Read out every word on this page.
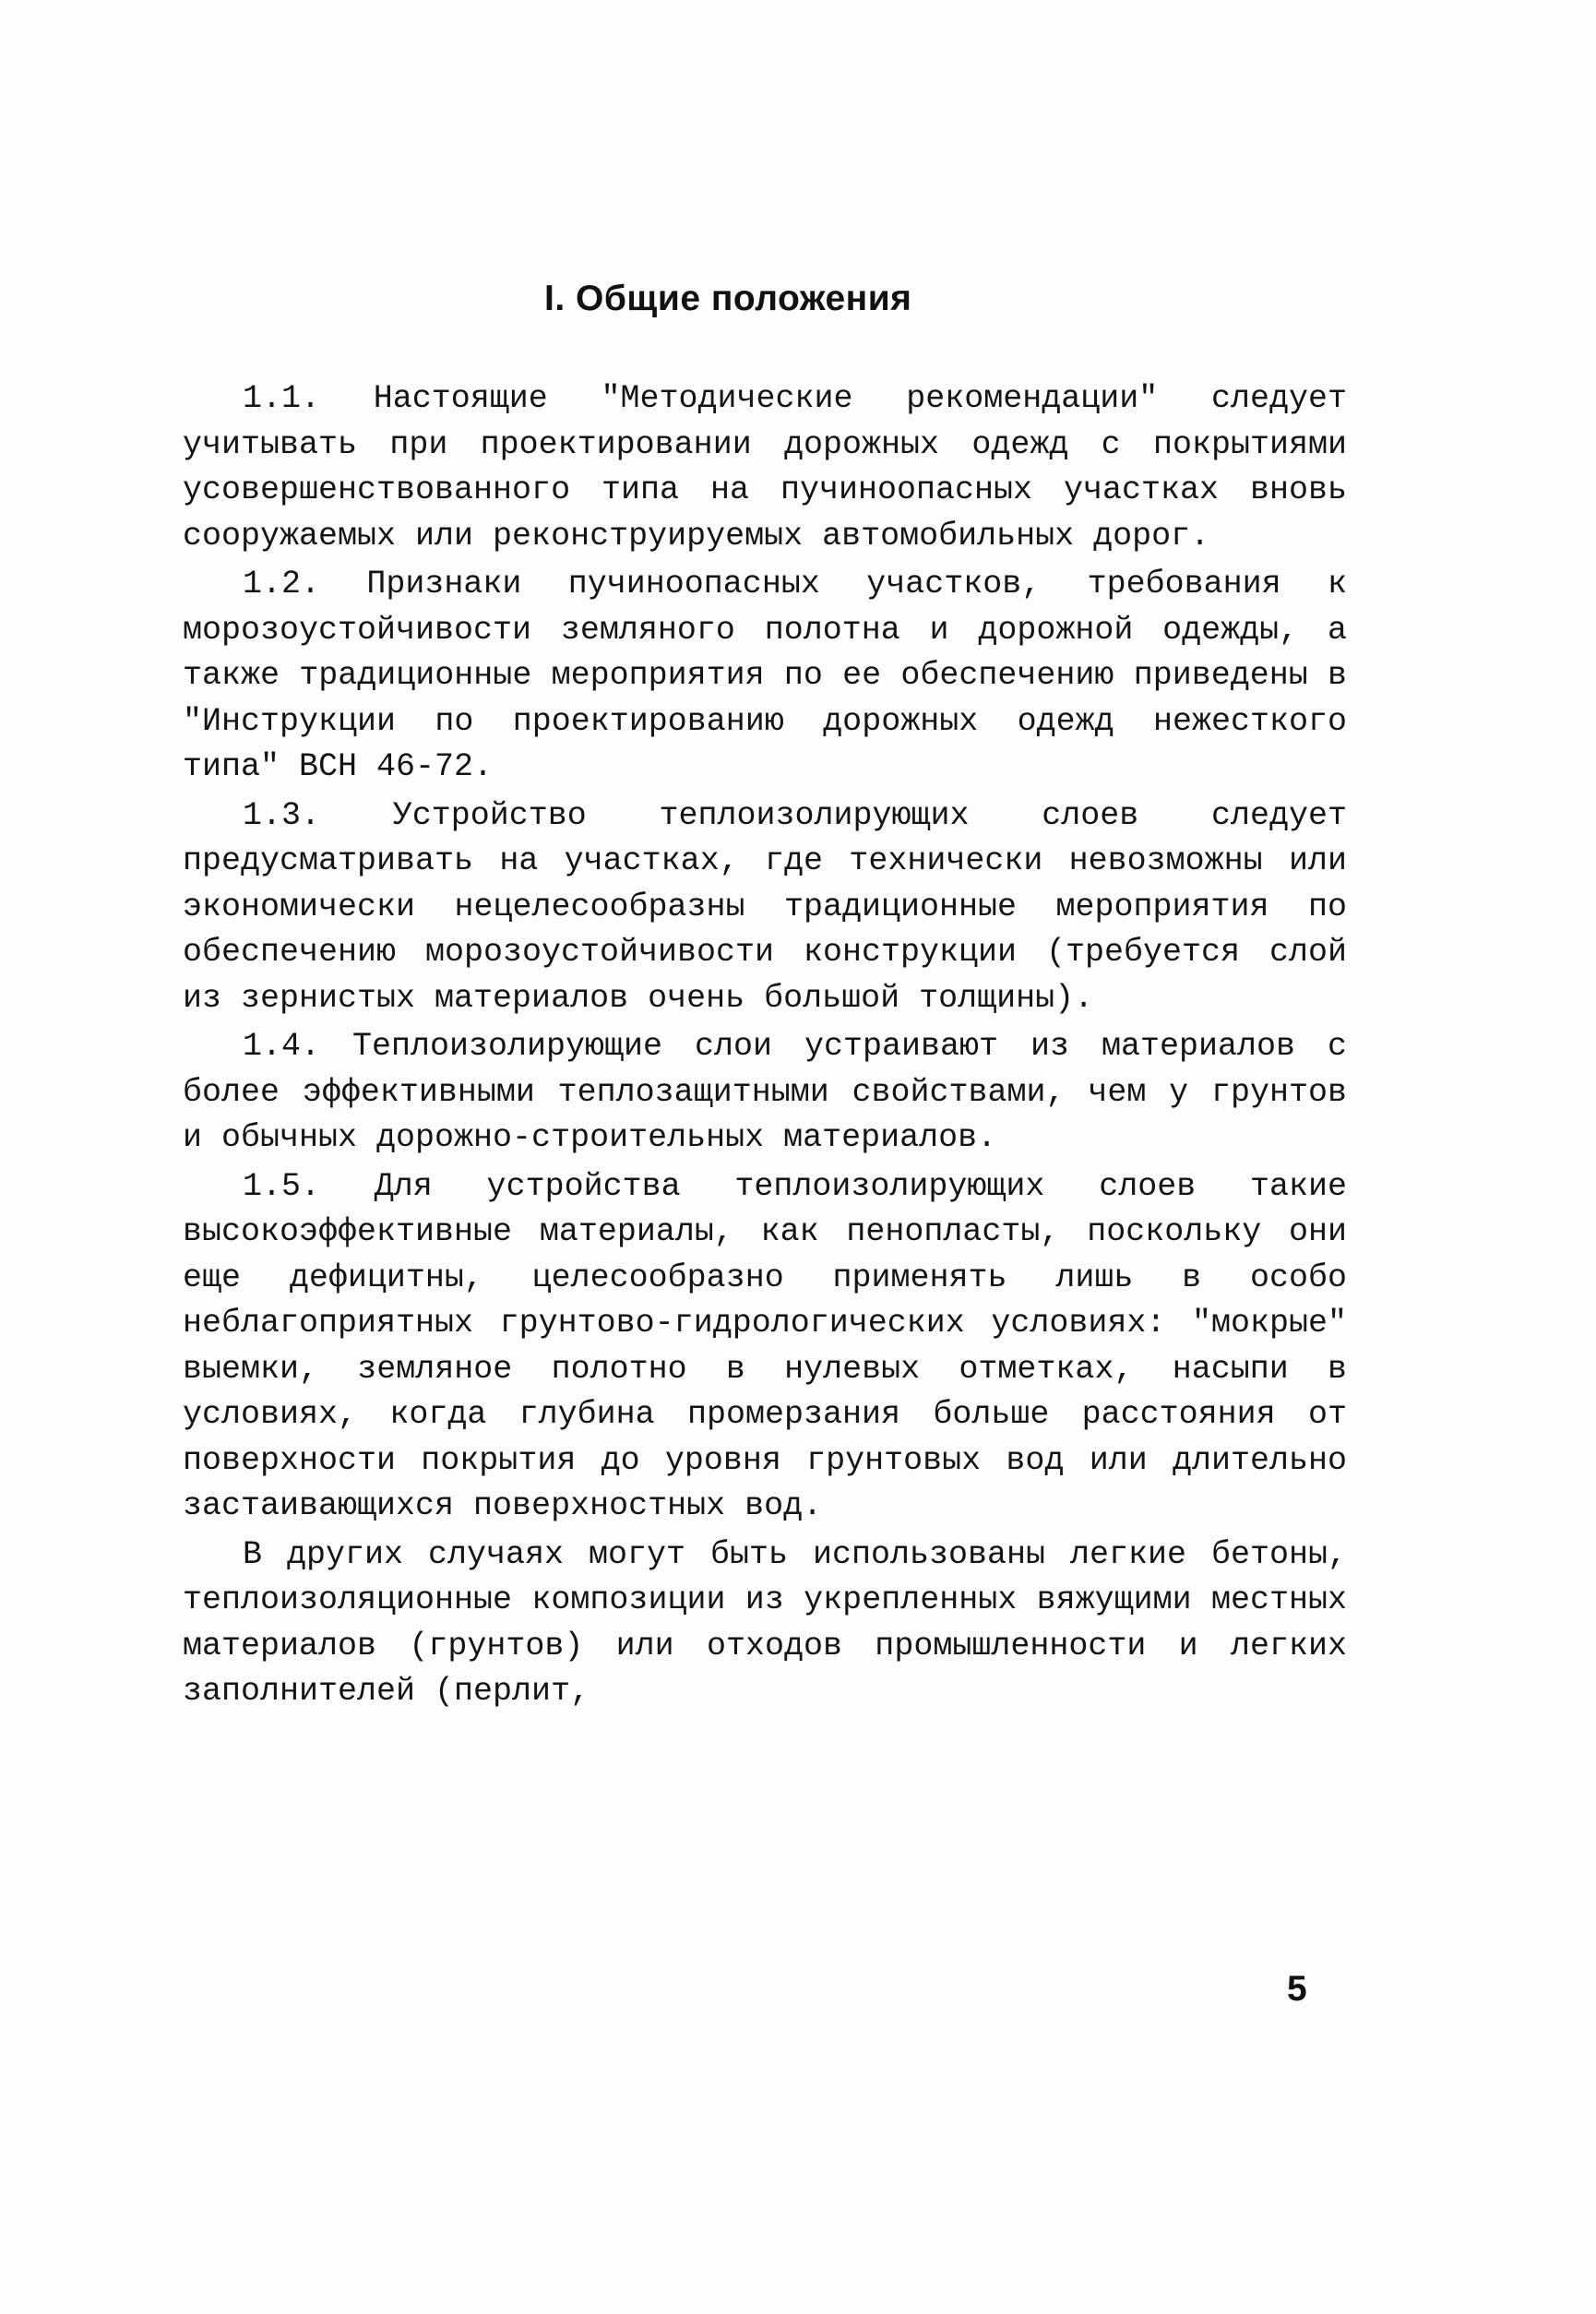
I. Общие положения

1.1. Настоящие "Методические рекомендации" следует учитывать при проектировании дорожных одежд с покрытиями усовершенствованного типа на пучиноопасных участках вновь сооружаемых или реконструируемых автомобильных дорог.

1.2. Признаки пучиноопасных участков, требования к морозоустойчивости земляного полотна и дорожной одежды, а также традиционные мероприятия по ее обеспечению приведены в "Инструкции по проектированию дорожных одежд нежесткого типа" ВСН 46-72.

1.3. Устройство теплоизолирующих слоев следует предусматривать на участках, где технически невозможны или экономически нецелесообразны традиционные мероприятия по обеспечению морозоустойчивости конструкции (требуется слой из зернистых материалов очень большой толщины).

1.4. Теплоизолирующие слои устраивают из материалов с более эффективными теплозащитными свойствами, чем у грунтов и обычных дорожно-строительных материалов.

1.5. Для устройства теплоизолирующих слоев такие высокоэффективные материалы, как пенопласты, поскольку они еще дефицитны, целесообразно применять лишь в особо неблагоприятных грунтово-гидрологических условиях: "мокрые" выемки, земляное полотно в нулевых отметках, насыпи в условиях, когда глубина промерзания больше расстояния от поверхности покрытия до уровня грунтовых вод или длительно застаивающихся поверхностных вод.

В других случаях могут быть использованы легкие бетоны, теплоизоляционные композиции из укрепленных вяжущими местных материалов (грунтов) или отходов промышленности и легких заполнителей (перлит,

5
